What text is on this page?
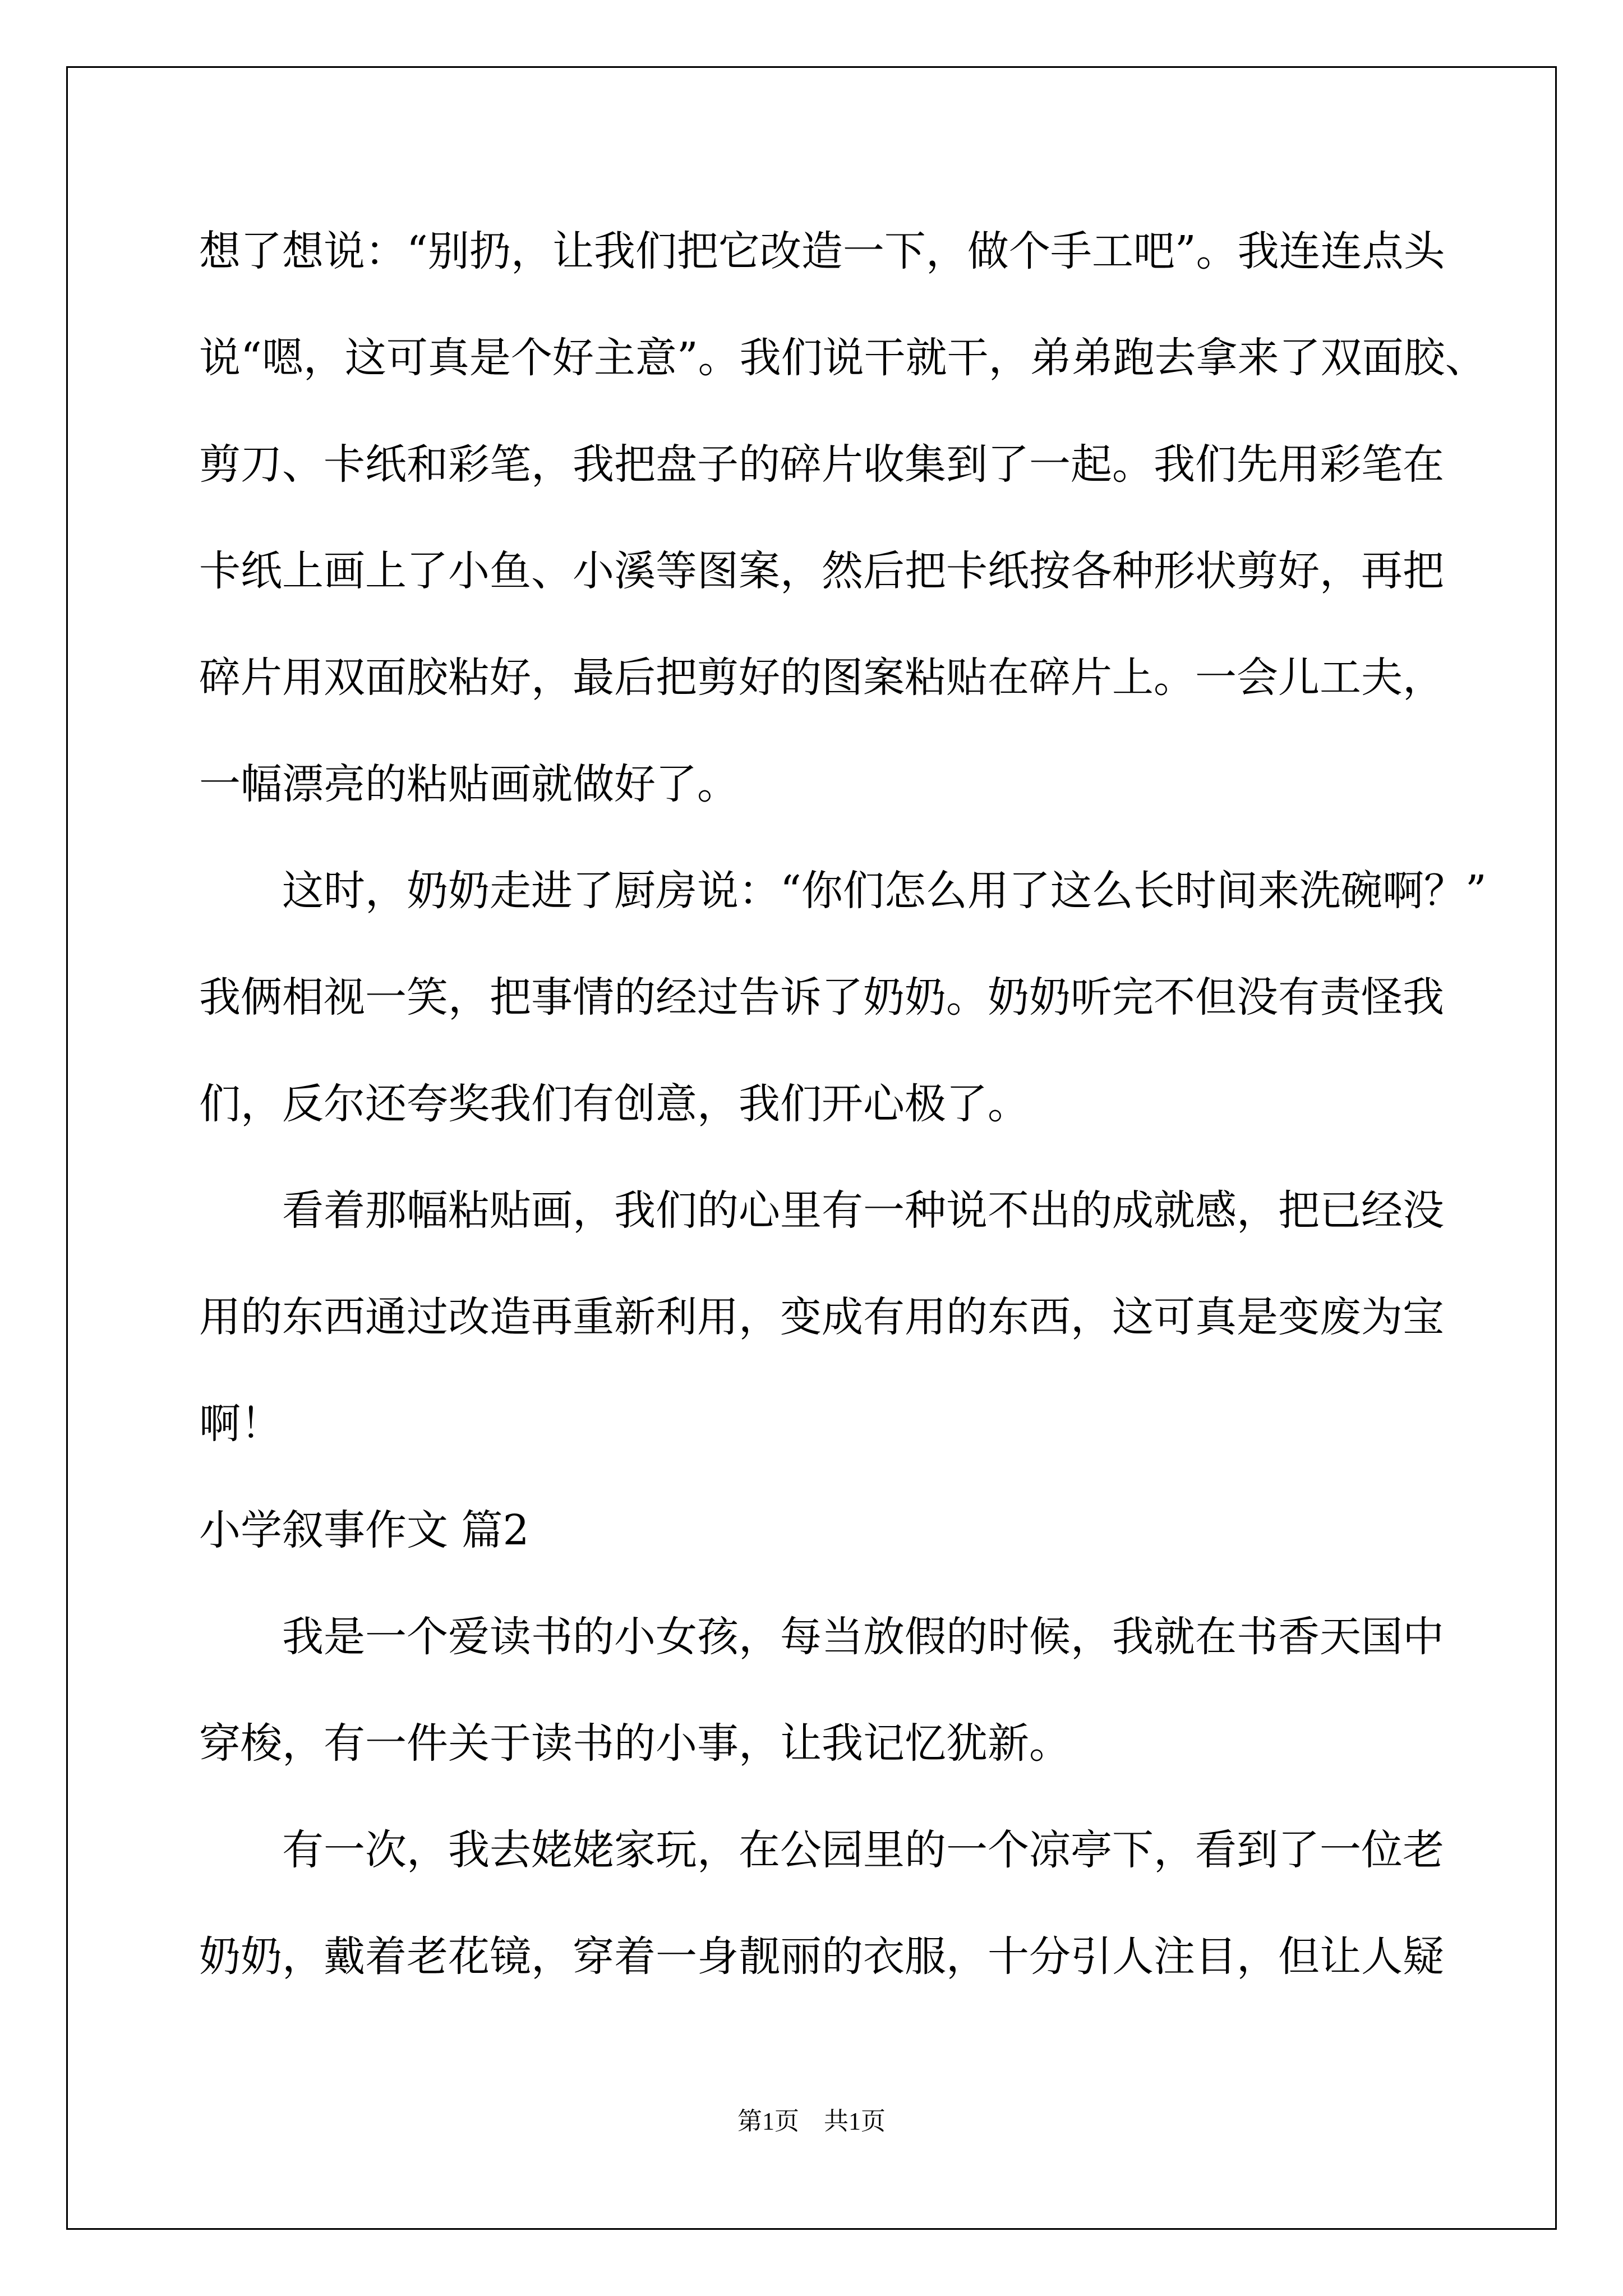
想了想说：“别扔，让我们把它改造一下，做个手工吧”。我连连点头
说“嗯，这可真是个好主意”。我们说干就干，弟弟跑去拿来了双面胶、
剪刀、卡纸和彩笔，我把盘子的碎片收集到了一起。我们先用彩笔在
卡纸上画上了小鱼、小溪等图案，然后把卡纸按各种形状剪好，再把
碎片用双面胶粘好，最后把剪好的图案粘贴在碎片上。一会儿工夫，
一幅漂亮的粘贴画就做好了。
这时，奶奶走进了厨房说：“你们怎么用了这么长时间来洗碗啊？”
我俩相视一笑，把事情的经过告诉了奶奶。奶奶听完不但没有责怪我
们，反尔还夸奖我们有创意，我们开心极了。
看着那幅粘贴画，我们的心里有一种说不出的成就感，把已经没
用的东西通过改造再重新利用，变成有用的东西，这可真是变废为宝
啊！
小学叙事作文 篇2
我是一个爱读书的小女孩，每当放假的时候，我就在书香天国中
穿梭，有一件关于读书的小事，让我记忆犹新。
有一次，我去姥姥家玩，在公园里的一个凉亭下，看到了一位老
奶奶，戴着老花镜，穿着一身靓丽的衣服，十分引人注目，但让人疑
第1页　共1页
